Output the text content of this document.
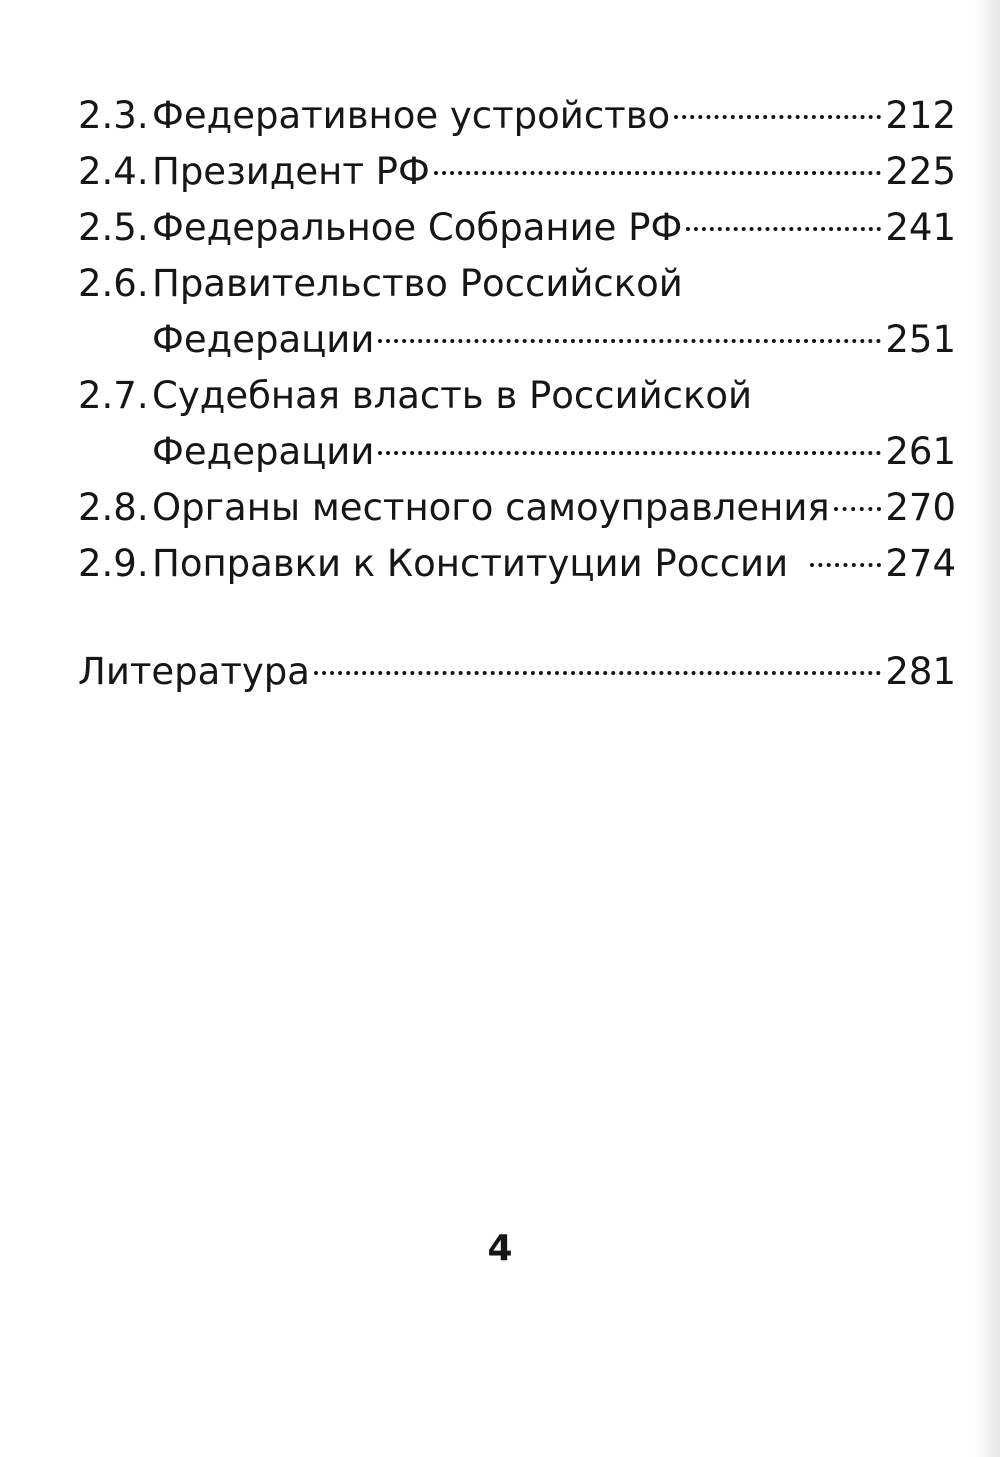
2.3. Федеративное устройство	212
2.4. Президент РФ	225
2.5. Федеральное Собрание РФ	241
2.6. Правительство Российской
Федерации	251
2.7. Судебная власть в Российской
Федерации	261
2.8. Органы местного самоуправления 270
2.9. Поправки к Конституции России	274
Литература	281
4
